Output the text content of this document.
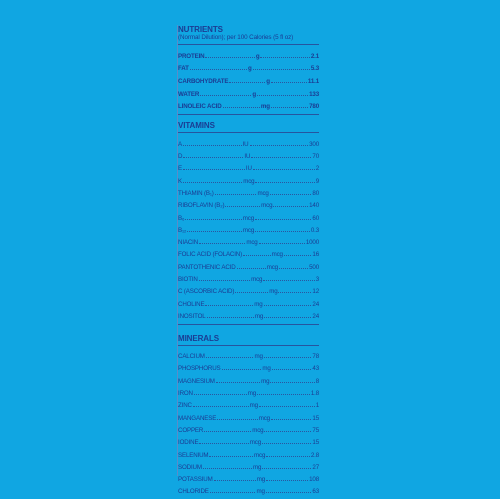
NUTRIENTS
(Normal Dilution); per 100 Calories (5 fl oz)
PROTEIN	g	2.1
FAT	g	5.3
CARBOHYDRATE	g	11.1
WATER	g	133
LINOLEIC ACID	mg	780
VITAMINS
A	IU	300
D	IU	70
E	IU	2
K	mcg	9
THIAMIN (B₁)	mcg	80
RIBOFLAVIN (B₂)	mcg	140
B₆	mcg	60
B₁₂	mcg	0.3
NIACIN	mcg	1000
FOLIC ACID (FOLACIN)	mcg	16
PANTOTHENIC ACID	mcg	500
BIOTIN	mcg	3
C (ASCORBIC ACID)	mg	12
CHOLINE	mg	24
INOSITOL	mg	24
MINERALS
CALCIUM	mg	78
PHOSPHORUS	mg	43
MAGNESIUM	mg	8
IRON	mg	1.8
ZINC	mg	1
MANGANESE	mcg	15
COPPER	mcg	75
IODINE	mcg	15
SELENIUM	mcg	2.8
SODIUM	mg	27
POTASSIUM	mg	108
CHLORIDE	mg	63
